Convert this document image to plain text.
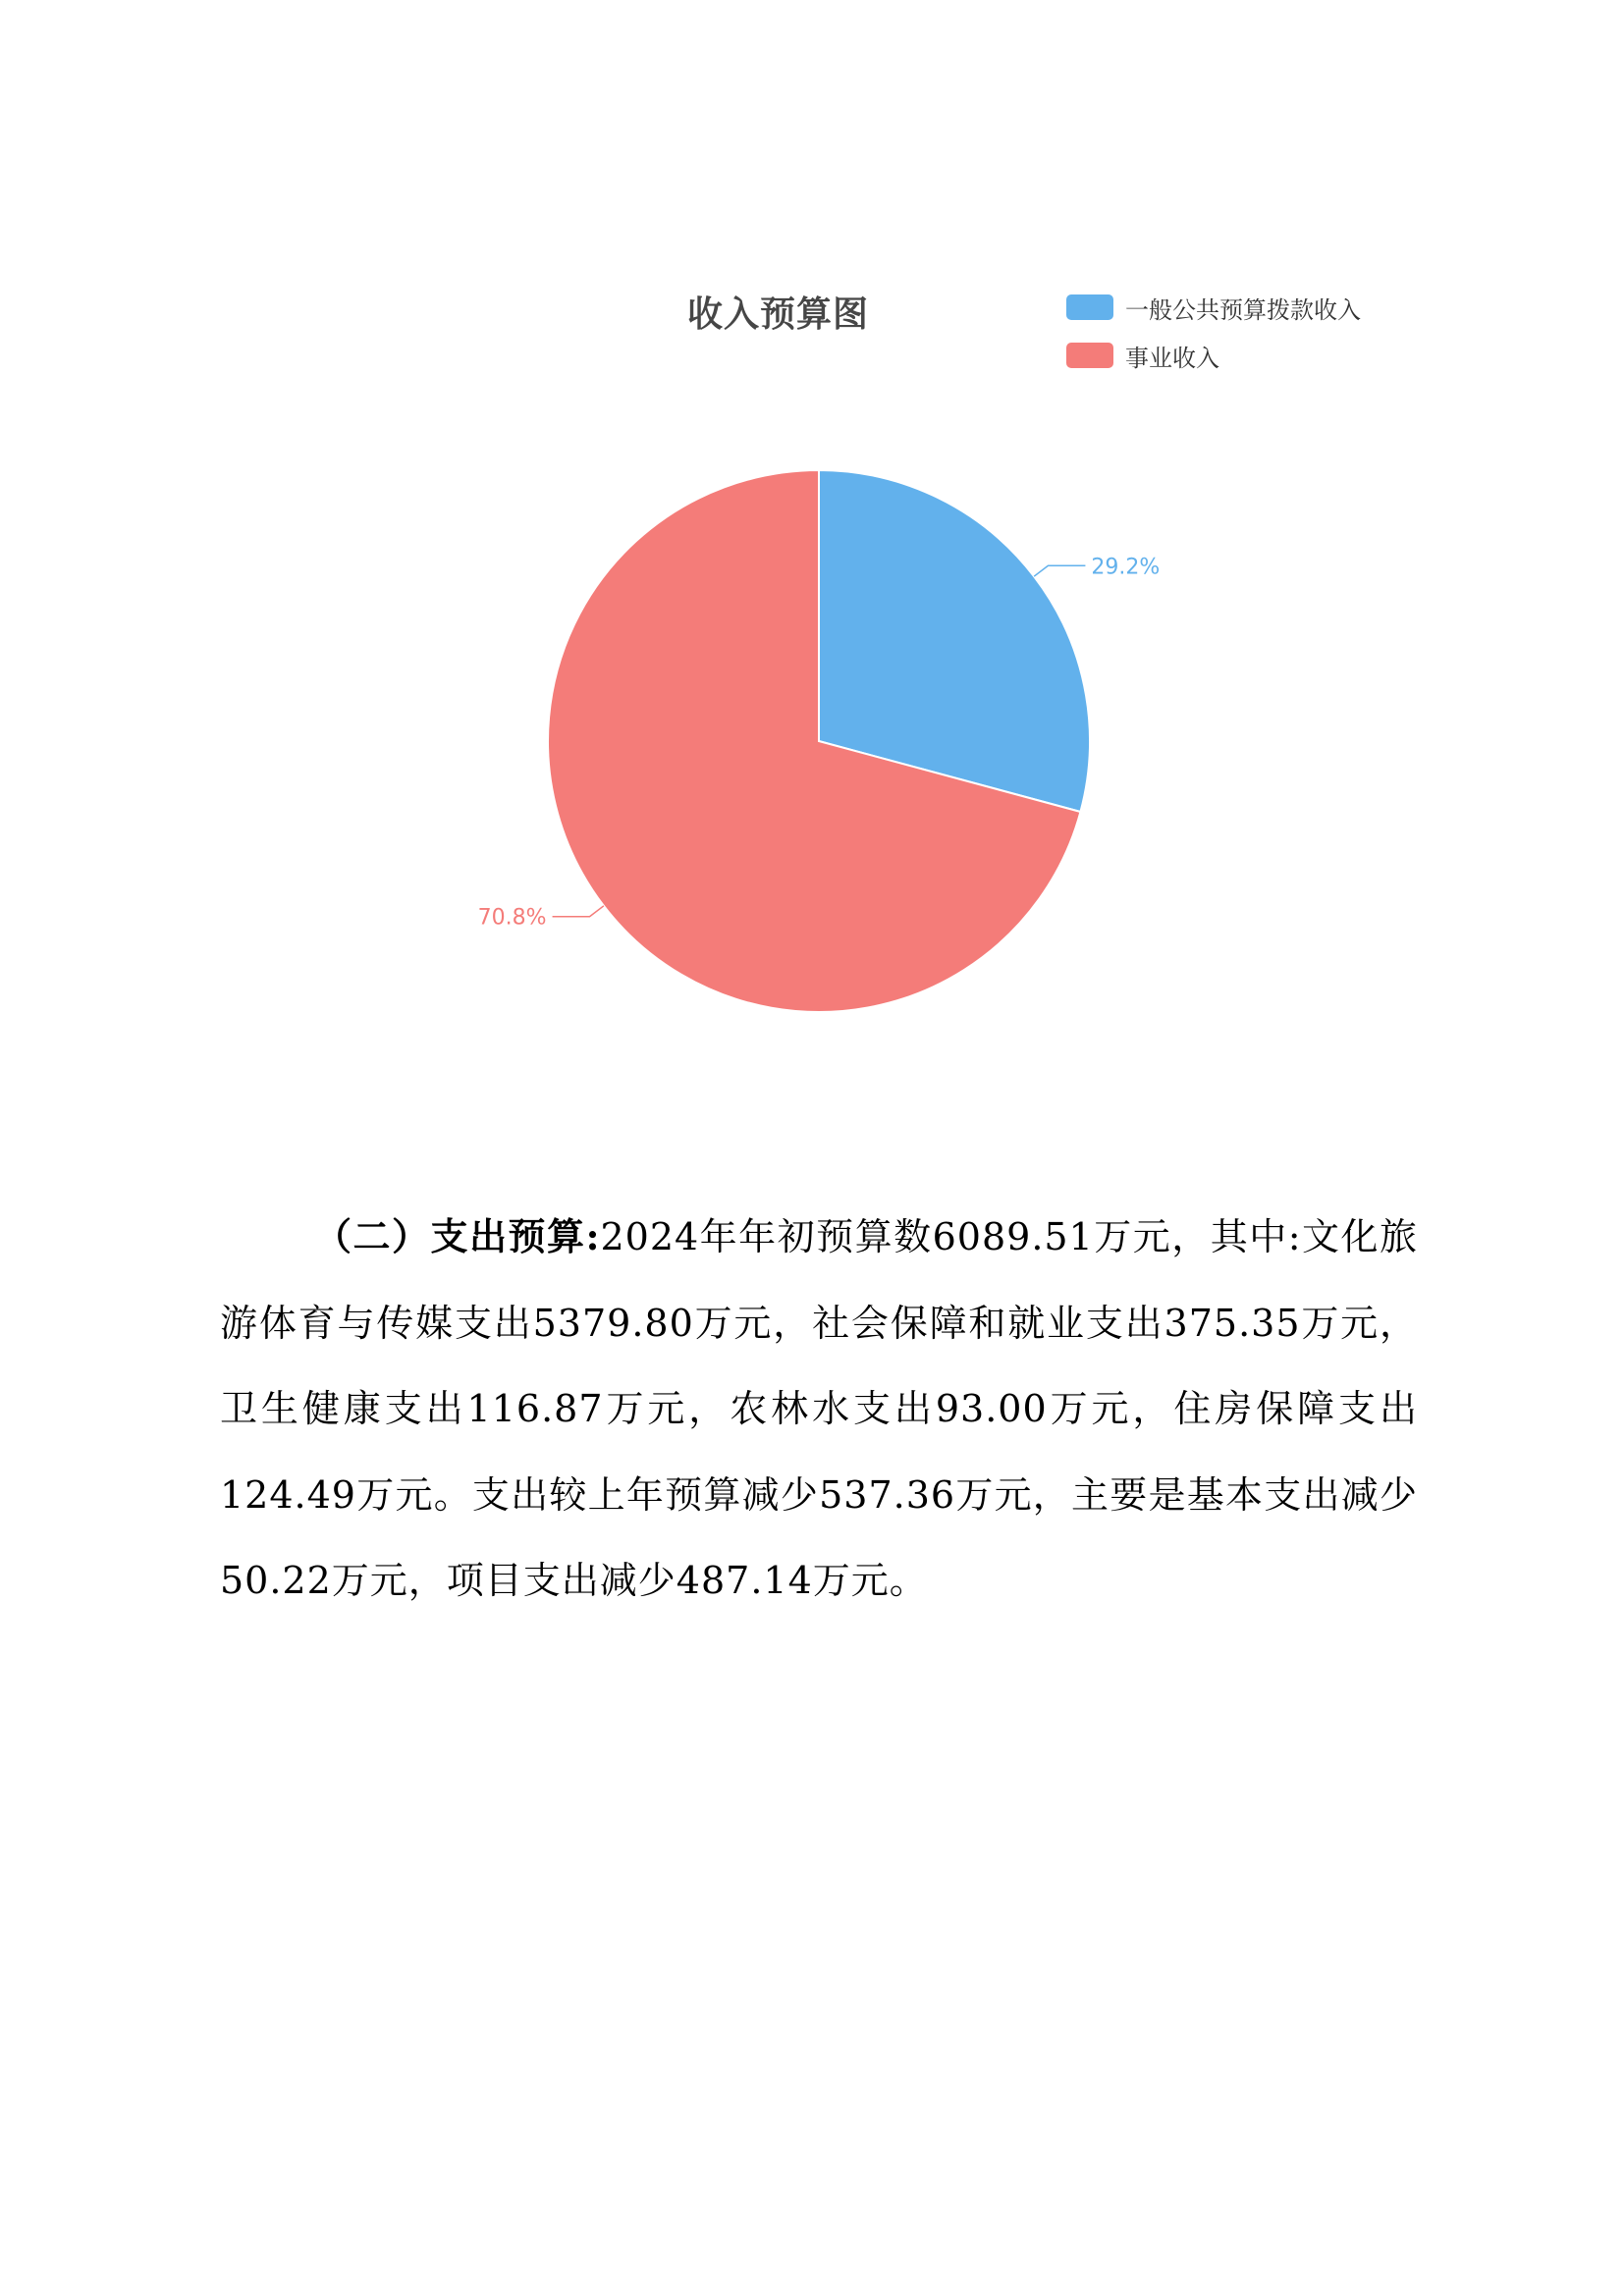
收入预算图	一般公共预算拨款收入
事业收入
29.2%
70.8%
（二）支出预算:2024年年初预算数6089.51万元，其中:文化旅游体育与传媒支出5379.80万元，社会保障和就业支出375.35万元，卫生健康支出116.87万元，农林水支出93.00万元，住房保障支出124.49万元。支出较上年预算减少537.36万元，主要是基本支出减少50.22万元，项目支出减少487.14万元。
